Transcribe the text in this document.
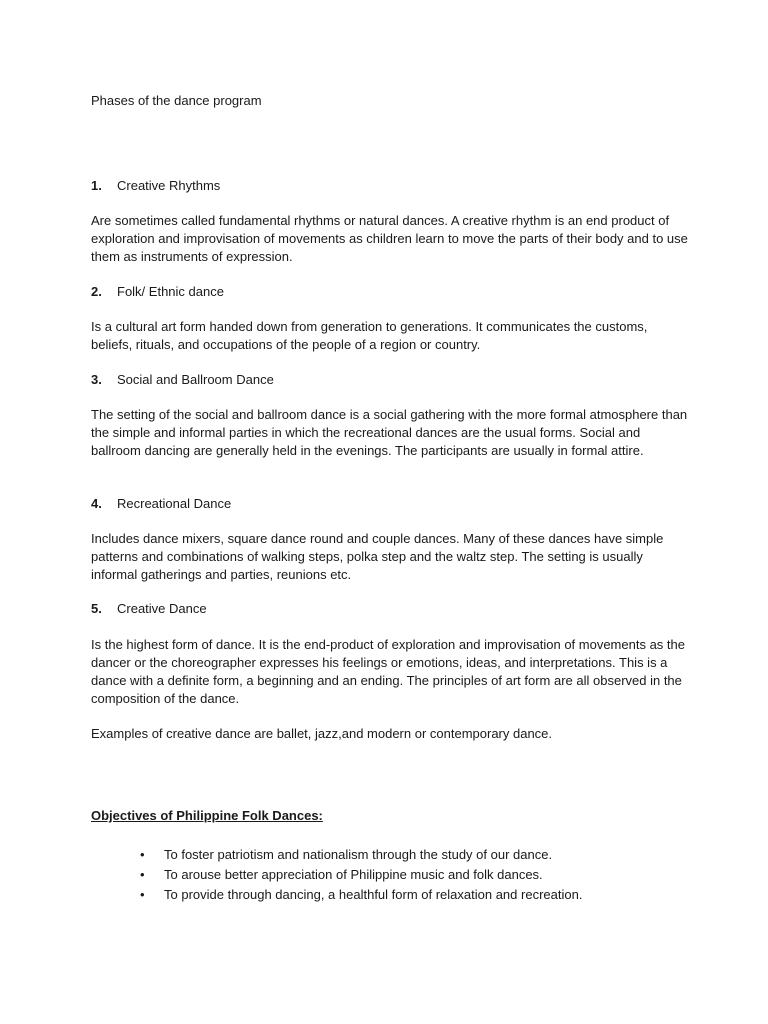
Phases of the dance program
1. Creative Rhythms
Are sometimes called fundamental rhythms or natural dances. A creative rhythm is an end product of exploration and improvisation of movements as children learn to move the parts of their body and to use them as instruments of expression.
2. Folk/ Ethnic dance
Is a cultural art form handed down from generation to generations. It communicates the customs, beliefs, rituals, and occupations of the people of a region or country.
3. Social and Ballroom Dance
The setting of the social and ballroom dance is a social gathering with the more formal atmosphere than the simple and informal parties in which the recreational dances are the usual forms. Social and ballroom dancing are generally held in the evenings. The participants are usually in formal attire.
4. Recreational Dance
Includes dance mixers, square dance round and couple dances. Many of these dances have simple patterns and combinations of walking steps, polka step and the waltz step. The setting is usually informal gatherings and parties, reunions etc.
5. Creative Dance
Is the highest form of dance. It is the end-product of exploration and improvisation of movements as the dancer or the choreographer expresses his feelings or emotions, ideas, and interpretations. This is a dance with a definite form, a beginning and an ending. The principles of art form are all observed in the composition of the dance.
Examples of creative dance are ballet, jazz,and modern or contemporary dance.
Objectives of Philippine Folk Dances:
• To foster patriotism and nationalism through the study of our dance.
• To arouse better appreciation of Philippine music and folk dances.
• To provide through dancing, a healthful form of relaxation and recreation.
